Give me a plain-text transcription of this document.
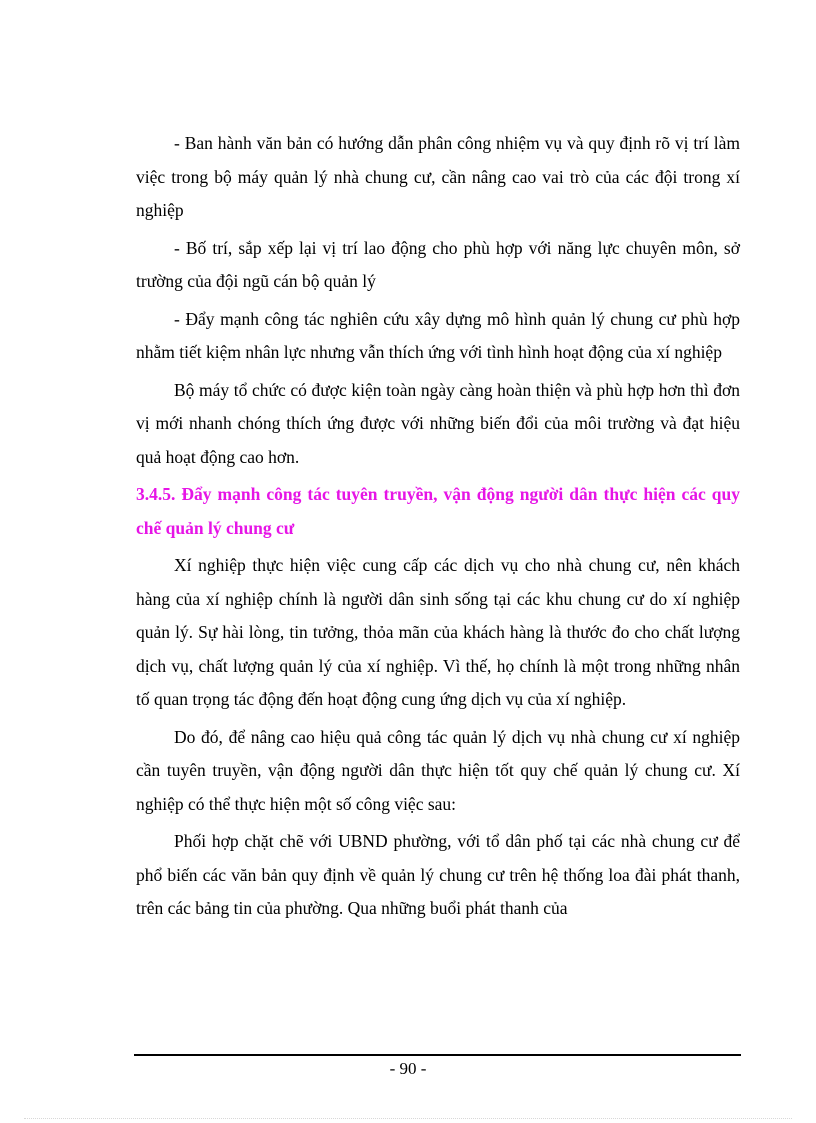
- Ban hành văn bản có hướng dẫn phân công nhiệm vụ và quy định rõ vị trí làm việc trong bộ máy quản lý nhà chung cư, cần nâng cao vai trò của các đội trong xí nghiệp

- Bố trí, sắp xếp lại vị trí lao động cho phù hợp với năng lực chuyên môn, sở trường của đội ngũ cán bộ quản lý

- Đẩy mạnh công tác nghiên cứu xây dựng mô hình quản lý chung cư phù hợp nhằm tiết kiệm nhân lực nhưng vẫn thích ứng với tình hình hoạt động của xí nghiệp

Bộ máy tổ chức có được kiện toàn ngày càng hoàn thiện và phù hợp hơn thì đơn vị mới nhanh chóng thích ứng được với những biến đổi của môi trường và đạt hiệu quả hoạt động cao hơn.

3.4.5. Đẩy mạnh công tác tuyên truyền, vận động người dân thực hiện các quy chế quản lý chung cư

Xí nghiệp thực hiện việc cung cấp các dịch vụ cho nhà chung cư, nên khách hàng của xí nghiệp chính là người dân sinh sống tại các khu chung cư do xí nghiệp quản lý. Sự hài lòng, tin tưởng, thỏa mãn của khách hàng là thước đo cho chất lượng dịch vụ, chất lượng quản lý của xí nghiệp. Vì thế, họ chính là một trong những nhân tố quan trọng tác động đến hoạt động cung ứng dịch vụ của xí nghiệp.

Do đó, để nâng cao hiệu quả công tác quản lý dịch vụ nhà chung cư xí nghiệp cần tuyên truyền, vận động người dân thực hiện tốt quy chế quản lý chung cư. Xí nghiệp có thể thực hiện một số công việc sau:

Phối hợp chặt chẽ với UBND phường, với tổ dân phố tại các nhà chung cư để phổ biến các văn bản quy định về quản lý chung cư trên hệ thống loa đài phát thanh, trên các bảng tin của phường. Qua những buổi phát thanh của

- 90 -
